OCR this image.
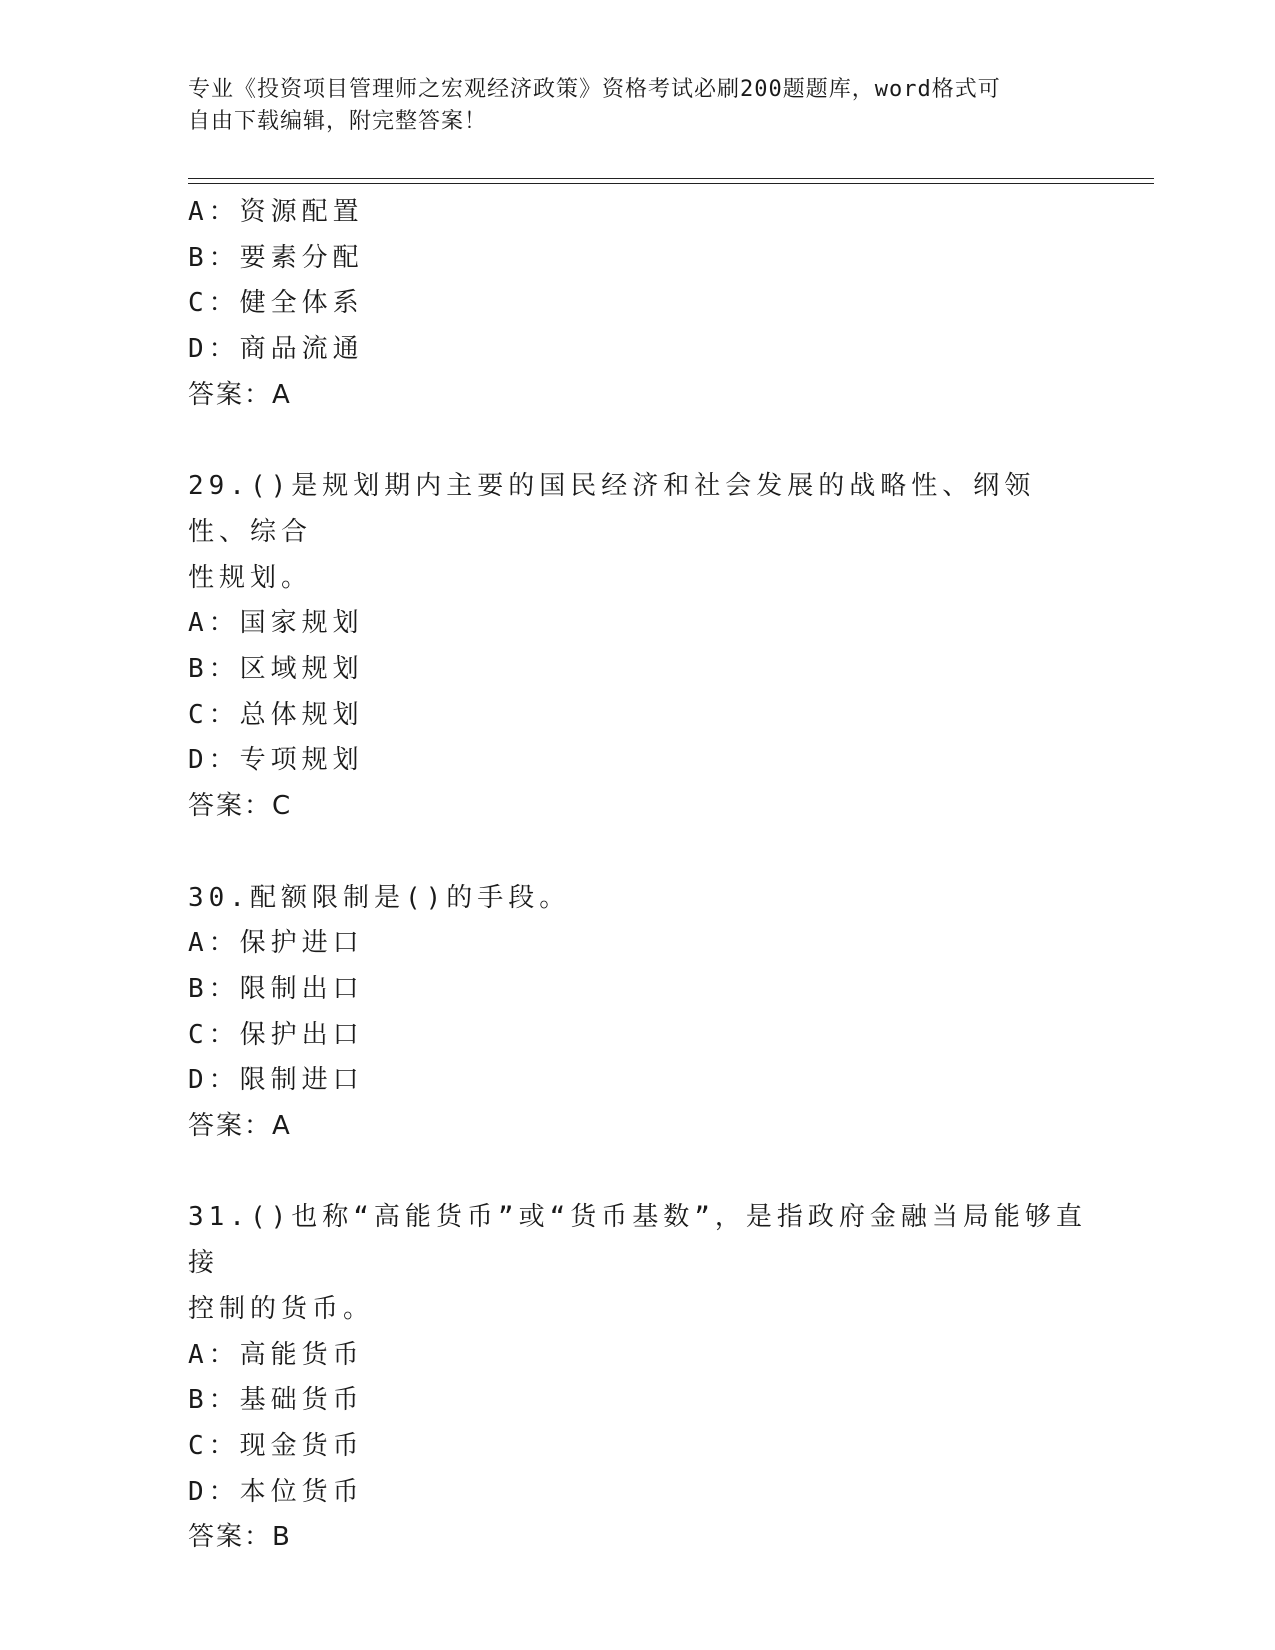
专业《投资项目管理师之宏观经济政策》资格考试必刷200题题库，word格式可
自由下载编辑，附完整答案！
A：资源配置
B：要素分配
C：健全体系
D：商品流通
答案：A
29.()是规划期内主要的国民经济和社会发展的战略性、纲领性、综合
性规划。
A：国家规划
B：区域规划
C：总体规划
D：专项规划
答案：C
30.配额限制是()的手段。
A：保护进口
B：限制出口
C：保护出口
D：限制进口
答案：A
31.()也称“高能货币”或“货币基数”，是指政府金融当局能够直接
控制的货币。
A：高能货币
B：基础货币
C：现金货币
D：本位货币
答案：B
